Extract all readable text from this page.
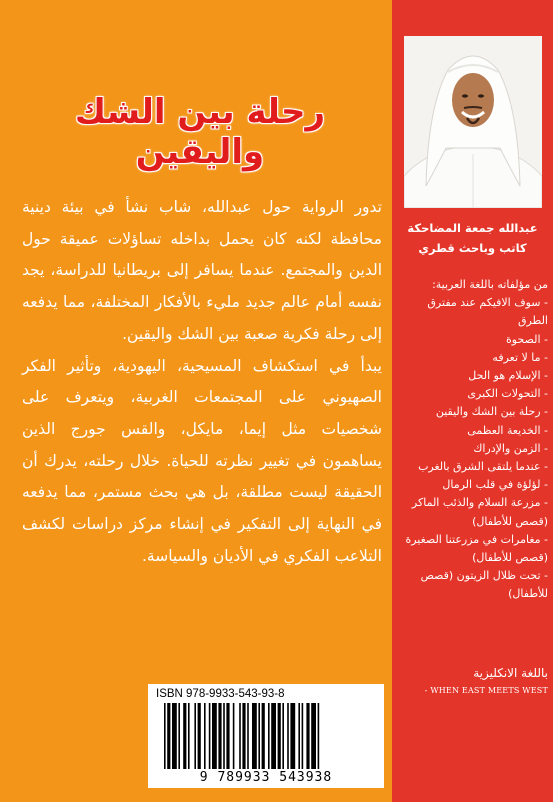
رحلة بين الشك واليقين

تدور الرواية حول عبدالله، شاب نشأ في بيئة دينية محافظة لكنه كان يحمل بداخله تساؤلات عميقة حول الدين والمجتمع. عندما يسافر إلى بريطانيا للدراسة، يجد نفسه أمام عالم جديد مليء بالأفكار المختلفة، مما يدفعه إلى رحلة فكرية صعبة بين الشك واليقين.

يبدأ في استكشاف المسيحية، اليهودية، وتأثير الفكر الصهيوني على المجتمعات الغربية، ويتعرف على شخصيات مثل إيما، مايكل، والقس جورج الذين يساهمون في تغيير نظرته للحياة. خلال رحلته، يدرك أن الحقيقة ليست مطلقة، بل هي بحث مستمر، مما يدفعه في النهاية إلى التفكير في إنشاء مركز دراسات لكشف التلاعب الفكري في الأديان والسياسة.

عبدالله جمعة المضاحكة
كاتب وباحث قطري
من مؤلفاته باللغة العربية:
- سوف الافيكم عند مفترق الطرق
- الصحوة
- ما لا تعرفه
- الإسلام هو الحل
- التحولات الكبرى
- رحلة بين الشك واليقين
- الخديعة العظمى
- الزمن والإدراك
- عندما يلتقى الشرق بالغرب
- لؤلؤة في قلب الرمال
- مزرعة السلام والذئب الماكر (قصص للأطفال)
- مغامرات في مزرعتنا الصغيرة (قصص للأطفال)
- تحت ظلال الزيتون (قصص للأطفال)
باللغة الانكليزية
- WHEN EAST MEETS WEST
ISBN 978-9933-543-93-8
9 789933 543938
